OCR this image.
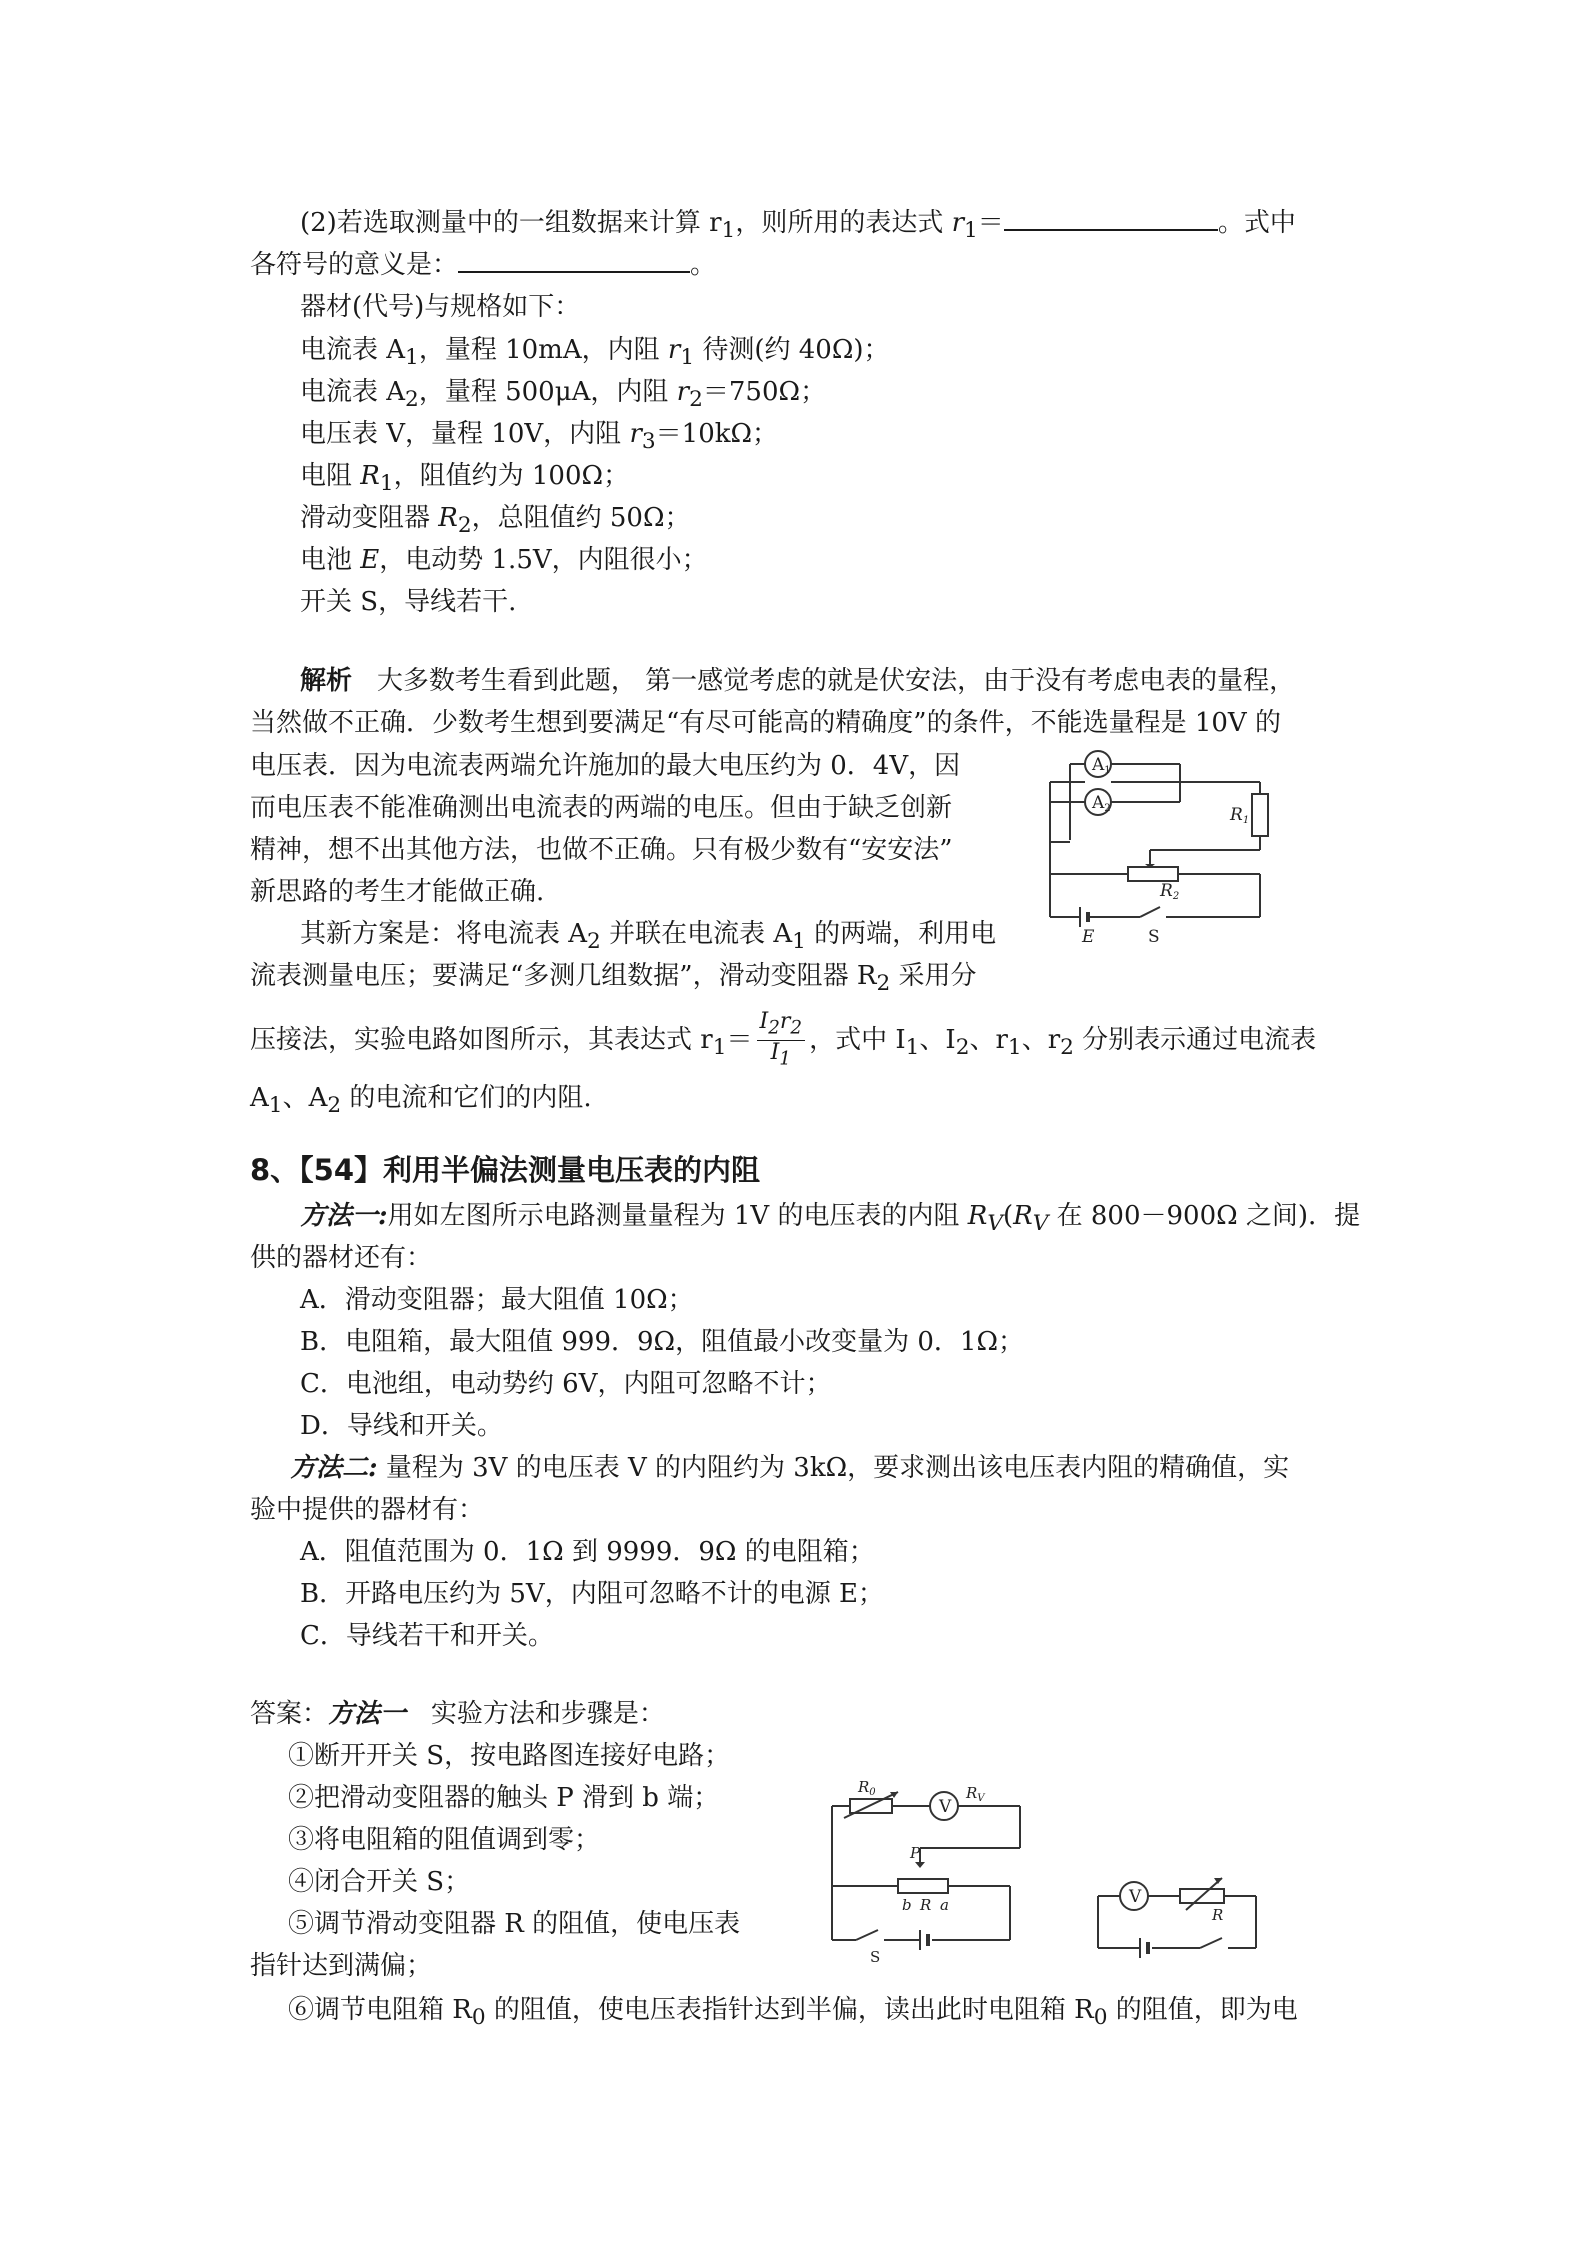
(2)若选取测量中的一组数据来计算 $r_1$，则所用的表达式 $r_1=$	。式中
各符号的意义是：	。
器材(代号)与规格如下：
电流表 $A_1$，量程 10mA，内阻 $r_1$ 待测(约 40Ω)；
电流表 $A_2$，量程 500μA，内阻 $r_2=750\Omega$；
电压表 V，量程 10V，内阻 $r_3=10k\Omega$；
电阻 $R_1$，阻值约为 100Ω；
滑动变阻器 $R_2$，总阻值约 50Ω；
电池 E，电动势 1.5V，内阻很小；
开关 S，导线若干.
解析 大多数考生看到此题， 第一感觉考虑的就是伏安法，由于没有考虑电表的量程，
当然做不正确．少数考生想到要满足“有尽可能高的精确度”的条件，不能选量程是 10V 的
电压表．因为电流表两端允许施加的最大电压约为 0．4V，因
而电压表不能准确测出电流表的两端的电压。但由于缺乏创新
精神，想不出其他方法，也做不正确。只有极少数有“安安法”
新思路的考生才能做正确.
其新方案是：将电流表 $A_2$ 并联在电流表 $A_1$ 的两端，利用电
流表测量电压；要满足“多测几组数据”，滑动变阻器 $R_2$ 采用分
压接法，实验电路如图所示，其表达式 $r_1= \frac{I_2r_2}{I_1}$ ，式中 $I_1$、$I_2$、$r_1$、$r_2$ 分别表示通过电流表
$A_1$、$A_2$ 的电流和它们的内阻.
A1
A2	R1
R2
E	S
8、【54】利用半偏法测量电压表的内阻
方法一:用如左图所示电路测量量程为 1V 的电压表的内阻 $R_V(R_V$ 在 800－900Ω 之间)．提
供的器材还有：
A．滑动变阻器；最大阻值 10Ω；
B．电阻箱，最大阻值 999．9Ω，阻值最小改变量为 0．1Ω；
C．电池组，电动势约 6V，内阻可忽略不计；
D．导线和开关。
方法二: 量程为 3V 的电压表 V 的内阻约为 3kΩ，要求测出该电压表内阻的精确值，实
验中提供的器材有：
A．阻值范围为 0．1Ω 到 9999．9Ω 的电阻箱；
B．开路电压约为 5V，内阻可忽略不计的电源 E；
C．导线若干和开关。
答案：方法一 实验方法和步骤是：
①断开开关 S，按电路图连接好电路；
②把滑动变阻器的触头 P 滑到 b 端；
③将电阻箱的阻值调到零；
④闭合开关 S；
⑤调节滑动变阻器 R 的阻值，使电压表
指针达到满偏；
⑥调节电阻箱 $R_0$ 的阻值，使电压表指针达到半偏，读出此时电阻箱 $R_0$ 的阻值，即为电
V
$R_0$	$R_V$
P
b R a
S
V
R
